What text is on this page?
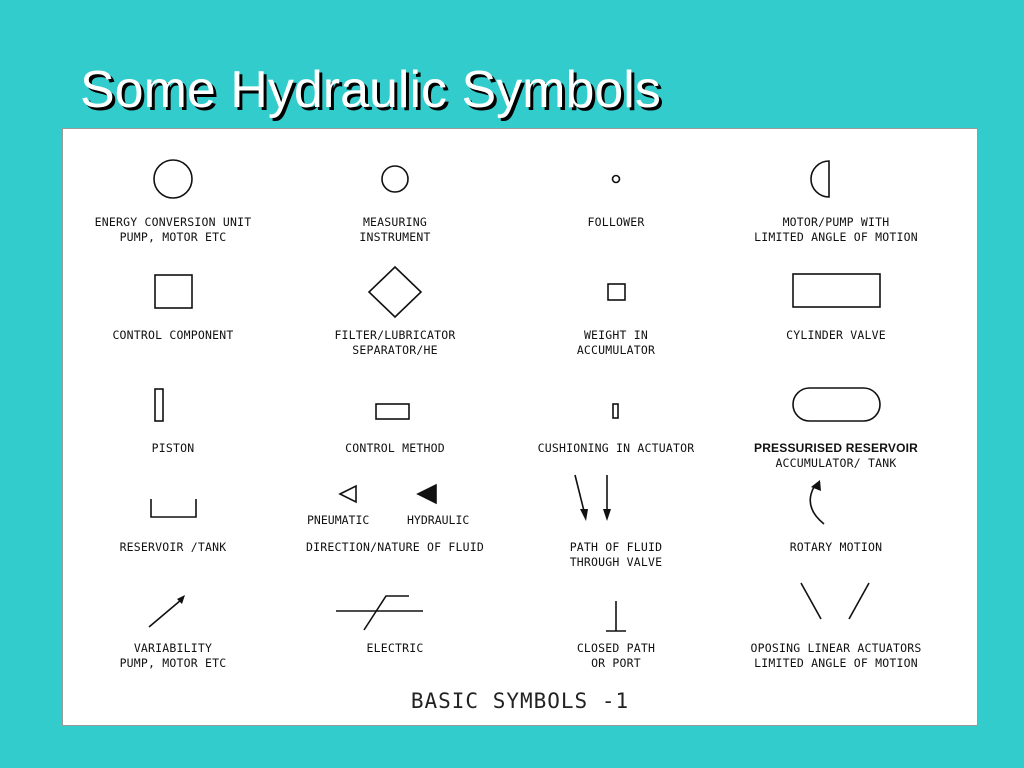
Some Hydraulic Symbols
ENERGY CONVERSION UNIT
PUMP, MOTOR ETC
MEASURING
INSTRUMENT
FOLLOWER	MOTOR/PUMP WITH
LIMITED ANGLE OF MOTION
CONTROL COMPONENT	FILTER/LUBRICATOR
SEPARATOR/HE
WEIGHT IN
ACCUMULATOR
CYLINDER VALVE
PISTON	CONTROL METHOD	CUSHIONING IN ACTUATOR	PRESSURISED RESERVOIR
ACCUMULATOR/ TANK
PNEUMATIC	HYDRAULIC
RESERVOIR /TANK	DIRECTION/NATURE OF FLUID	PATH OF FLUID
THROUGH VALVE
ROTARY MOTION
VARIABILITY
PUMP, MOTOR ETC
ELECTRIC	CLOSED PATH
OR PORT
OPOSING LINEAR ACTUATORS
LIMITED ANGLE OF MOTION
BASIC SYMBOLS -1
